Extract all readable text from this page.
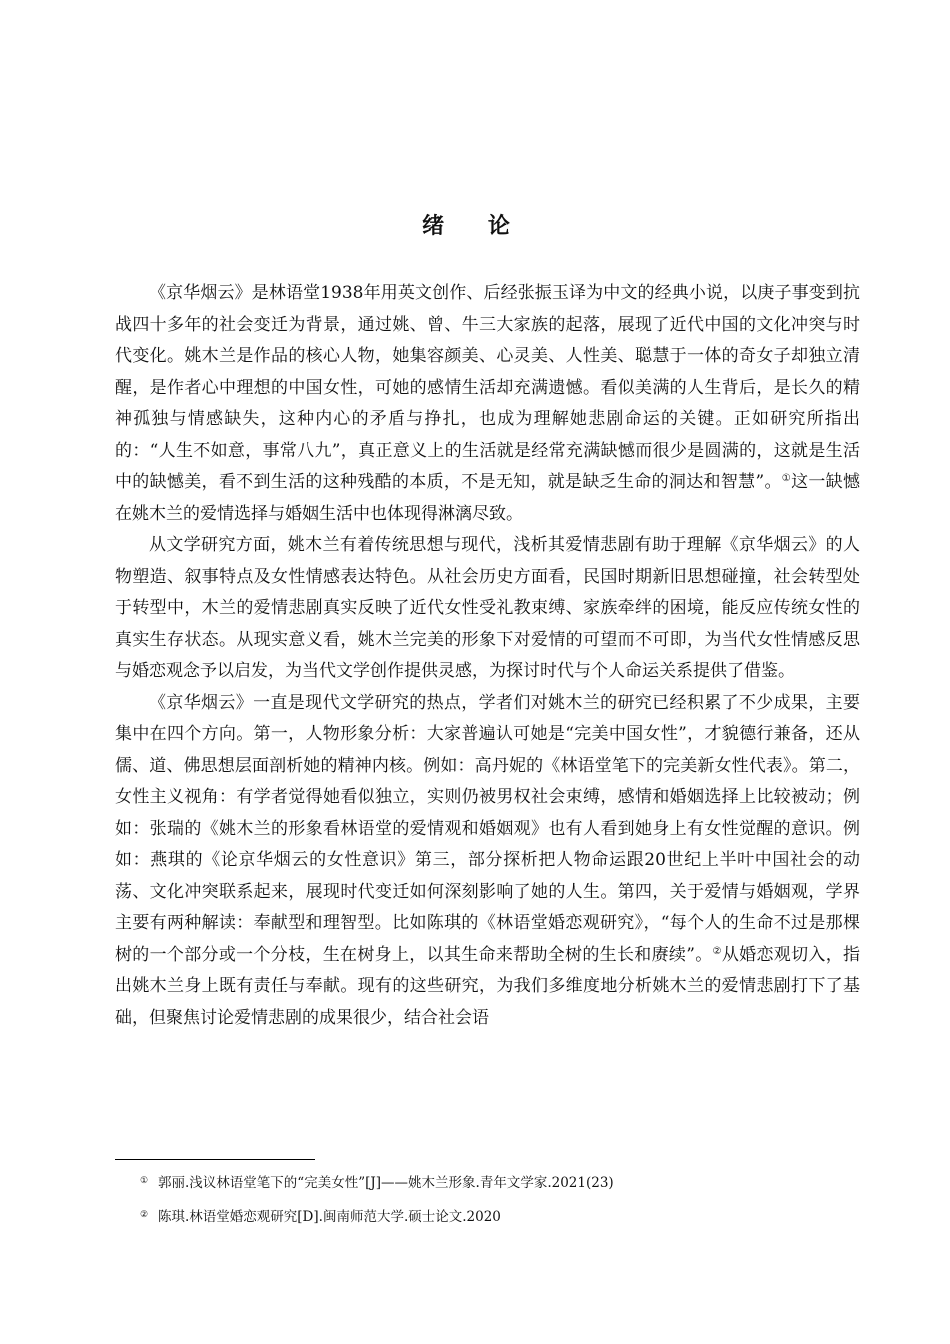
绪 论

《京华烟云》是林语堂1938年用英文创作、后经张振玉译为中文的经典小说，以庚子事变到抗战四十多年的社会变迁为背景，通过姚、曾、牛三大家族的起落，展现了近代中国的文化冲突与时代变化。姚木兰是作品的核心人物，她集容颜美、心灵美、人性美、聪慧于一体的奇女子却独立清醒，是作者心中理想的中国女性，可她的感情生活却充满遗憾。看似美满的人生背后，是长久的精神孤独与情感缺失，这种内心的矛盾与挣扎，也成为理解她悲剧命运的关键。正如研究所指出的：“人生不如意，事常八九”，真正意义上的生活就是经常充满缺憾而很少是圆满的，这就是生活中的缺憾美，看不到生活的这种残酷的本质，不是无知，就是缺乏生命的洞达和智慧”。①这一缺憾在姚木兰的爱情选择与婚姻生活中也体现得淋漓尽致。

从文学研究方面，姚木兰有着传统思想与现代，浅析其爱情悲剧有助于理解《京华烟云》的人物塑造、叙事特点及女性情感表达特色。从社会历史方面看，民国时期新旧思想碰撞，社会转型处于转型中，木兰的爱情悲剧真实反映了近代女性受礼教束缚、家族牵绊的困境，能反应传统女性的真实生存状态。从现实意义看，姚木兰完美的形象下对爱情的可望而不可即，为当代女性情感反思与婚恋观念予以启发，为当代文学创作提供灵感，为探讨时代与个人命运关系提供了借鉴。

《京华烟云》一直是现代文学研究的热点，学者们对姚木兰的研究已经积累了不少成果，主要集中在四个方向。第一，人物形象分析：大家普遍认可她是“完美中国女性”，才貌德行兼备，还从儒、道、佛思想层面剖析她的精神内核。例如：高丹妮的《林语堂笔下的完美新女性代表》。第二，女性主义视角：有学者觉得她看似独立，实则仍被男权社会束缚，感情和婚姻选择上比较被动；例如：张瑞的《姚木兰的形象看林语堂的爱情观和婚姻观》也有人看到她身上有女性觉醒的意识。例如：燕琪的《论京华烟云的女性意识》第三，部分探析把人物命运跟20世纪上半叶中国社会的动荡、文化冲突联系起来，展现时代变迁如何深刻影响了她的人生。第四，关于爱情与婚姻观，学界主要有两种解读：奉献型和理智型。比如陈琪的《林语堂婚恋观研究》，“每个人的生命不过是那棵树的一个部分或一个分枝，生在树身上，以其生命来帮助全树的生长和赓续”。②从婚恋观切入，指出姚木兰身上既有责任与奉献。现有的这些研究，为我们多维度地分析姚木兰的爱情悲剧打下了基础，但聚焦讨论爱情悲剧的成果很少，结合社会语

① 郭丽.浅议林语堂笔下的“完美女性”[J]——姚木兰形象.青年文学家.2021(23)

② 陈琪.林语堂婚恋观研究[D].闽南师范大学.硕士论文.2020
